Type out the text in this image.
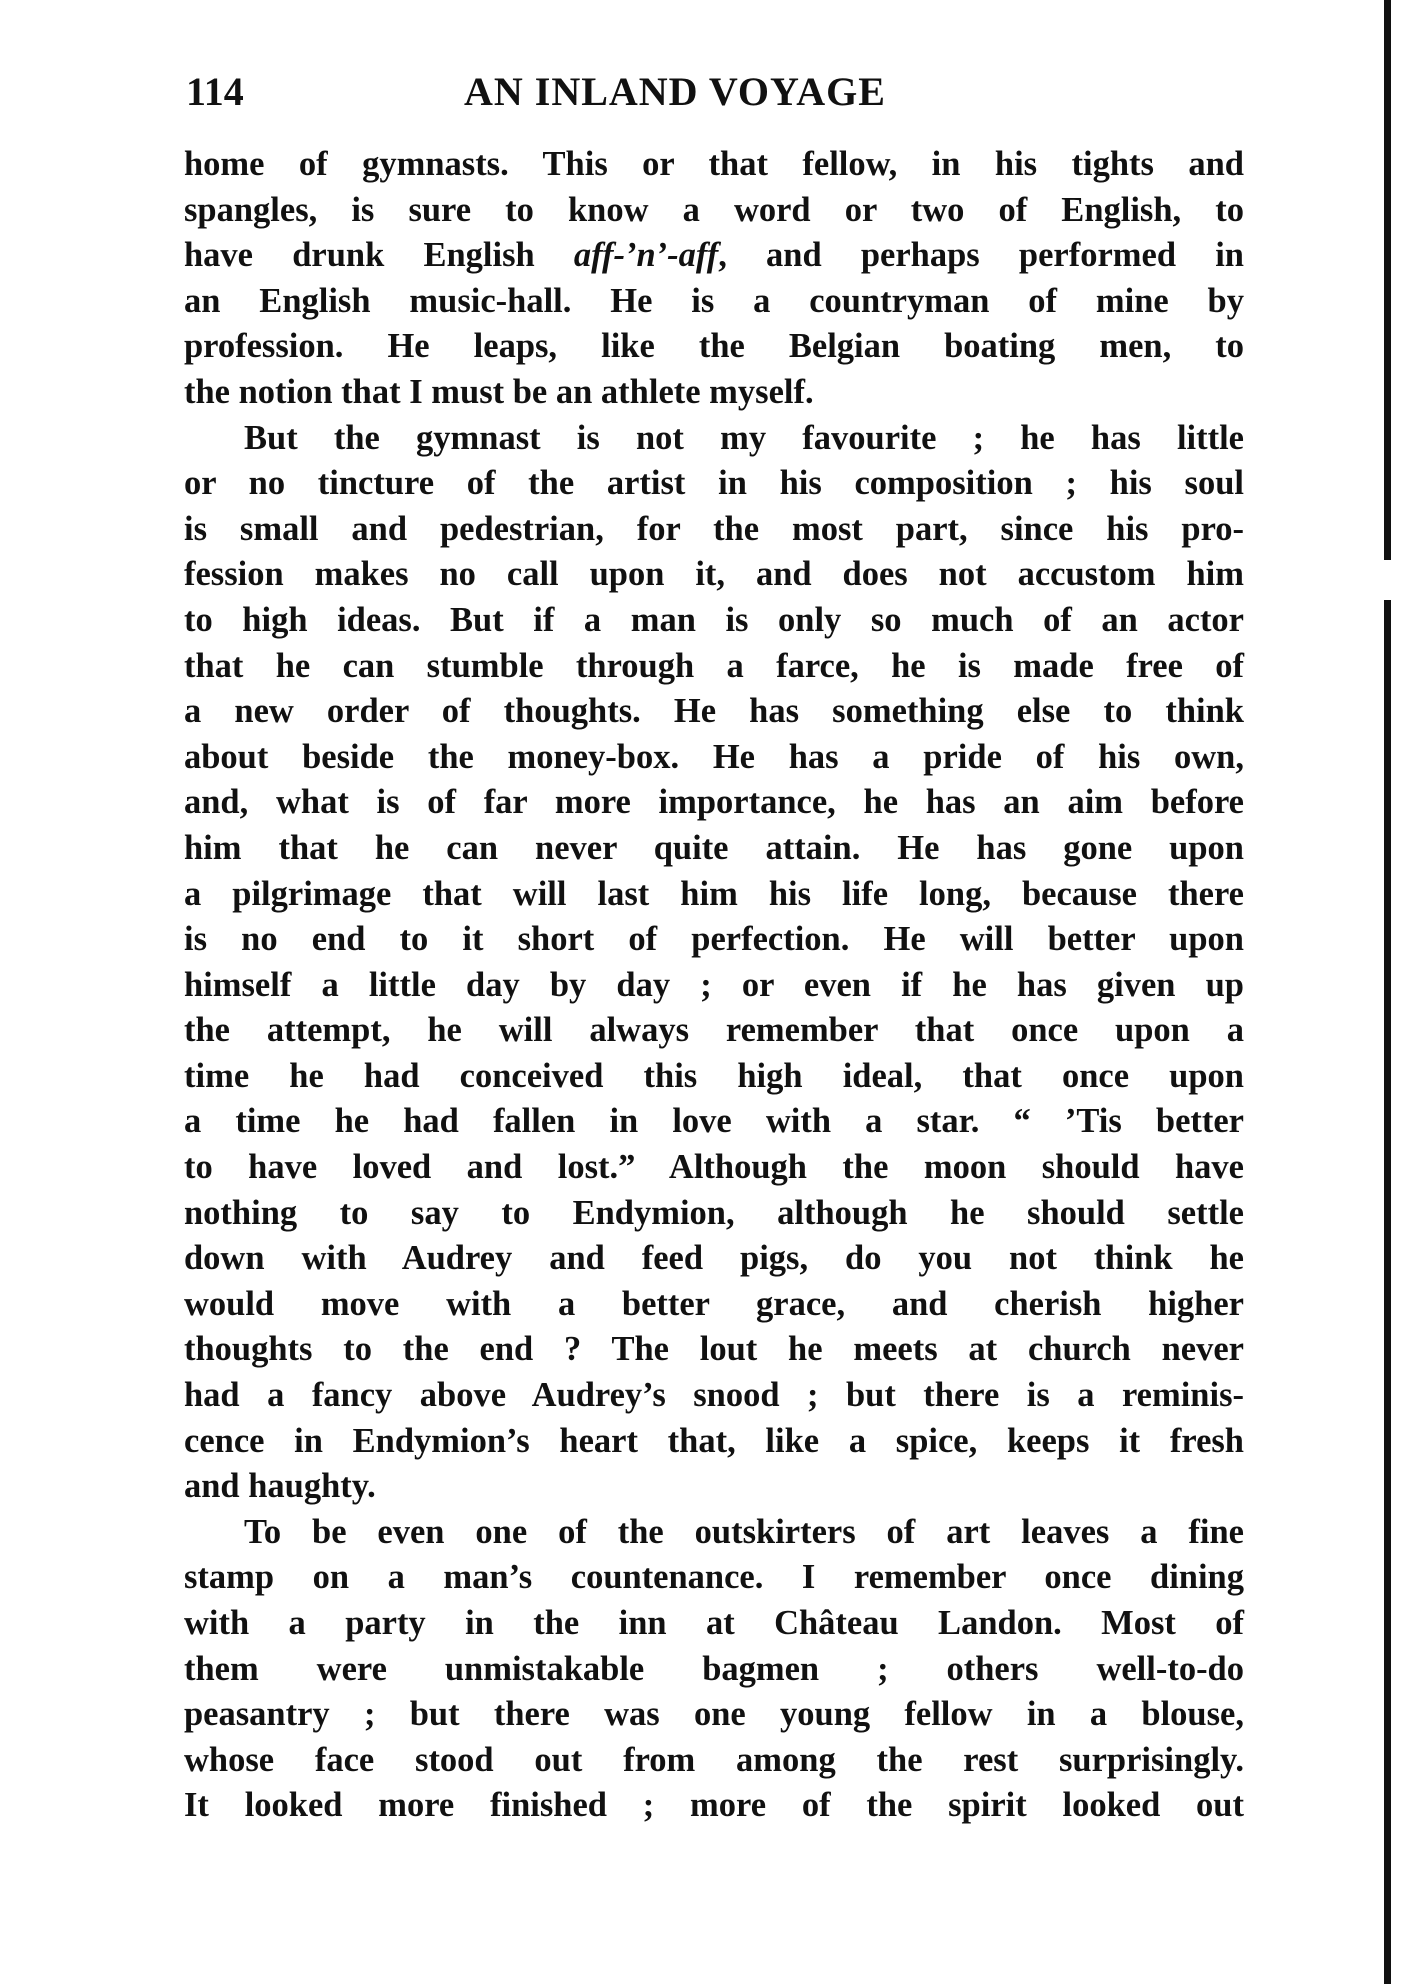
114	AN INLAND VOYAGE
home of gymnasts. This or that fellow, in his tights and
spangles, is sure to know a word or two of English, to
have drunk English aff-’n’-aff, and perhaps performed in
an English music-hall. He is a countryman of mine by
profession. He leaps, like the Belgian boating men, to
the notion that I must be an athlete myself.
But the gymnast is not my favourite ; he has little
or no tincture of the artist in his composition ; his soul
is small and pedestrian, for the most part, since his pro-
fession makes no call upon it, and does not accustom him
to high ideas. But if a man is only so much of an actor
that he can stumble through a farce, he is made free of
a new order of thoughts. He has something else to think
about beside the money-box. He has a pride of his own,
and, what is of far more importance, he has an aim before
him that he can never quite attain. He has gone upon
a pilgrimage that will last him his life long, because there
is no end to it short of perfection. He will better upon
himself a little day by day ; or even if he has given up
the attempt, he will always remember that once upon a
time he had conceived this high ideal, that once upon
a time he had fallen in love with a star. “ ’Tis better
to have loved and lost.” Although the moon should have
nothing to say to Endymion, although he should settle
down with Audrey and feed pigs, do you not think he
would move with a better grace, and cherish higher
thoughts to the end ? The lout he meets at church never
had a fancy above Audrey’s snood ; but there is a reminis-
cence in Endymion’s heart that, like a spice, keeps it fresh
and haughty.
To be even one of the outskirters of art leaves a fine
stamp on a man’s countenance. I remember once dining
with a party in the inn at Château Landon. Most of
them were unmistakable bagmen ; others well-to-do
peasantry ; but there was one young fellow in a blouse,
whose face stood out from among the rest surprisingly.
It looked more finished ; more of the spirit looked out
